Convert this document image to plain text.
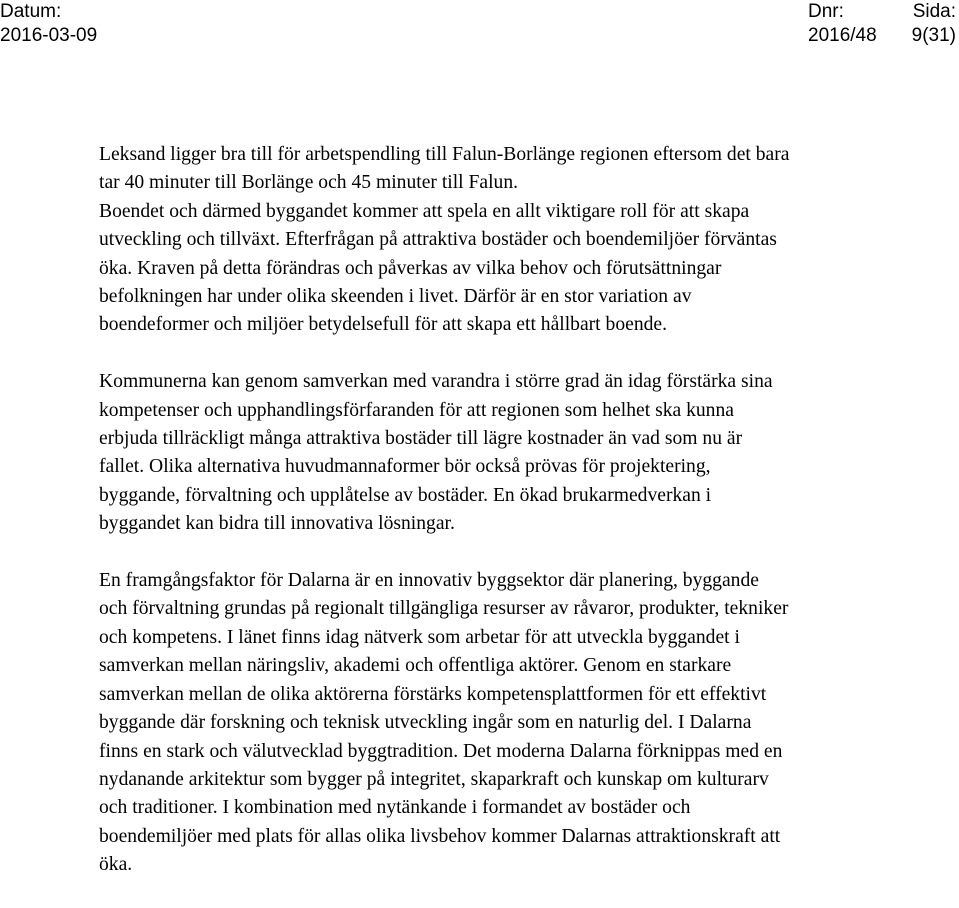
Datum:
2016-03-09
Dnr:
2016/48
Sida:
9(31)

Leksand ligger bra till för arbetspendling till Falun-Borlänge regionen eftersom det bara
tar 40 minuter till Borlänge och 45 minuter till Falun.
Boendet och därmed byggandet kommer att spela en allt viktigare roll för att skapa
utveckling och tillväxt. Efterfrågan på attraktiva bostäder och boendemiljöer förväntas
öka. Kraven på detta förändras och påverkas av vilka behov och förutsättningar
befolkningen har under olika skeenden i livet. Därför är en stor variation av
boendeformer och miljöer betydelsefull för att skapa ett hållbart boende.

Kommunerna kan genom samverkan med varandra i större grad än idag förstärka sina
kompetenser och upphandlingsförfaranden för att regionen som helhet ska kunna
erbjuda tillräckligt många attraktiva bostäder till lägre kostnader än vad som nu är
fallet. Olika alternativa huvudmannaformer bör också prövas för projektering,
byggande, förvaltning och upplåtelse av bostäder. En ökad brukarmedverkan i
byggandet kan bidra till innovativa lösningar.

En framgångsfaktor för Dalarna är en innovativ byggsektor där planering, byggande
och förvaltning grundas på regionalt tillgängliga resurser av råvaror, produkter, tekniker
och kompetens. I länet finns idag nätverk som arbetar för att utveckla byggandet i
samverkan mellan näringsliv, akademi och offentliga aktörer. Genom en starkare
samverkan mellan de olika aktörerna förstärks kompetensplattformen för ett effektivt
byggande där forskning och teknisk utveckling ingår som en naturlig del. I Dalarna
finns en stark och välutvecklad byggtradition. Det moderna Dalarna förknippas med en
nydanande arkitektur som bygger på integritet, skaparkraft och kunskap om kulturarv
och traditioner. I kombination med nytänkande i formandet av bostäder och
boendemiljöer med plats för allas olika livsbehov kommer Dalarnas attraktionskraft att
öka.
